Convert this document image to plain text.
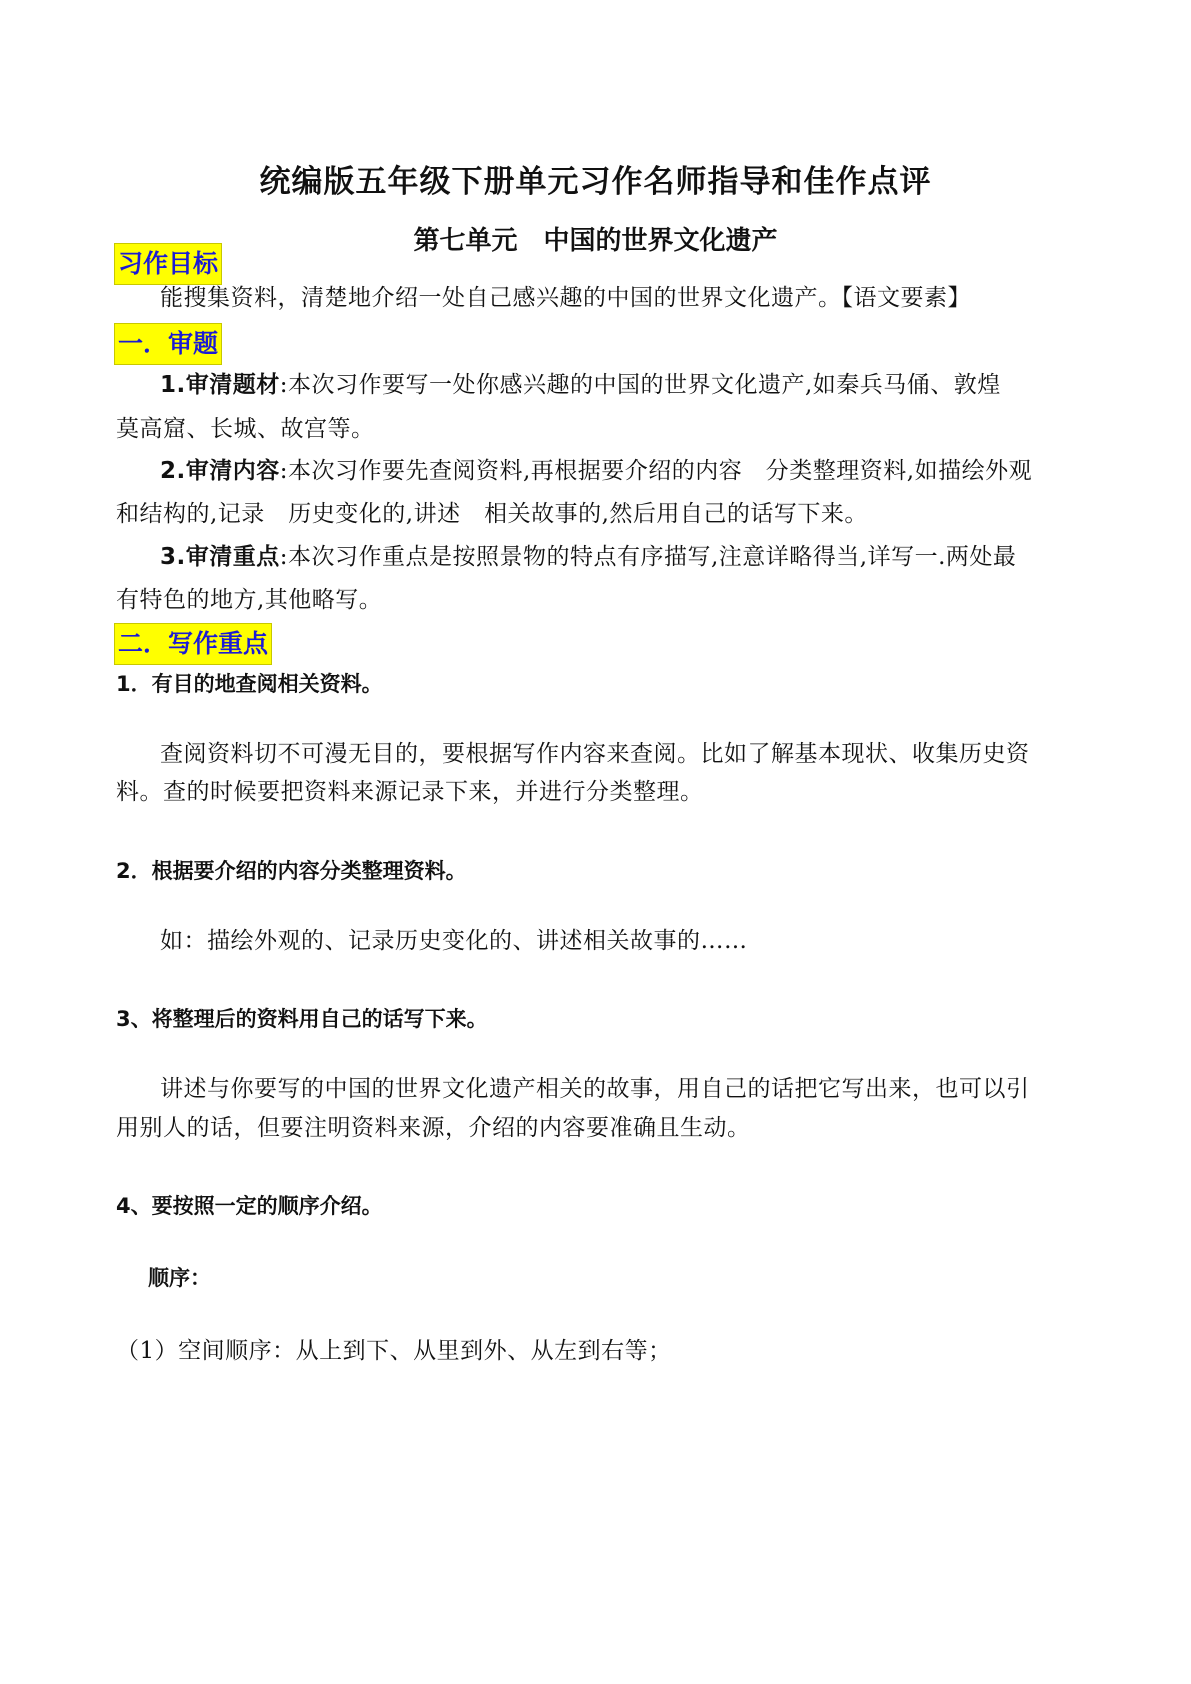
统编版五年级下册单元习作名师指导和佳作点评
第七单元　中国的世界文化遗产
习作目标
能搜集资料，清楚地介绍一处自己感兴趣的中国的世界文化遗产。【语文要素】
一．审题
1.审清题材:本次习作要写一处你感兴趣的中国的世界文化遗产,如秦兵马俑、敦煌
莫高窟、长城、故宫等。
2.审清内容:本次习作要先查阅资料,再根据要介绍的内容　分类整理资料,如描绘外观
和结构的,记录　历史变化的,讲述　相关故事的,然后用自己的话写下来。
3.审清重点:本次习作重点是按照景物的特点有序描写,注意详略得当,详写一.两处最
有特色的地方,其他略写。
二．写作重点
1．有目的地查阅相关资料。
查阅资料切不可漫无目的，要根据写作内容来查阅。比如了解基本现状、收集历史资
料。查的时候要把资料来源记录下来，并进行分类整理。
2．根据要介绍的内容分类整理资料。
如：描绘外观的、记录历史变化的、讲述相关故事的……
3、将整理后的资料用自己的话写下来。
讲述与你要写的中国的世界文化遗产相关的故事，用自己的话把它写出来，也可以引
用别人的话，但要注明资料来源，介绍的内容要准确且生动。
4、要按照一定的顺序介绍。
顺序：
（1）空间顺序：从上到下、从里到外、从左到右等；
